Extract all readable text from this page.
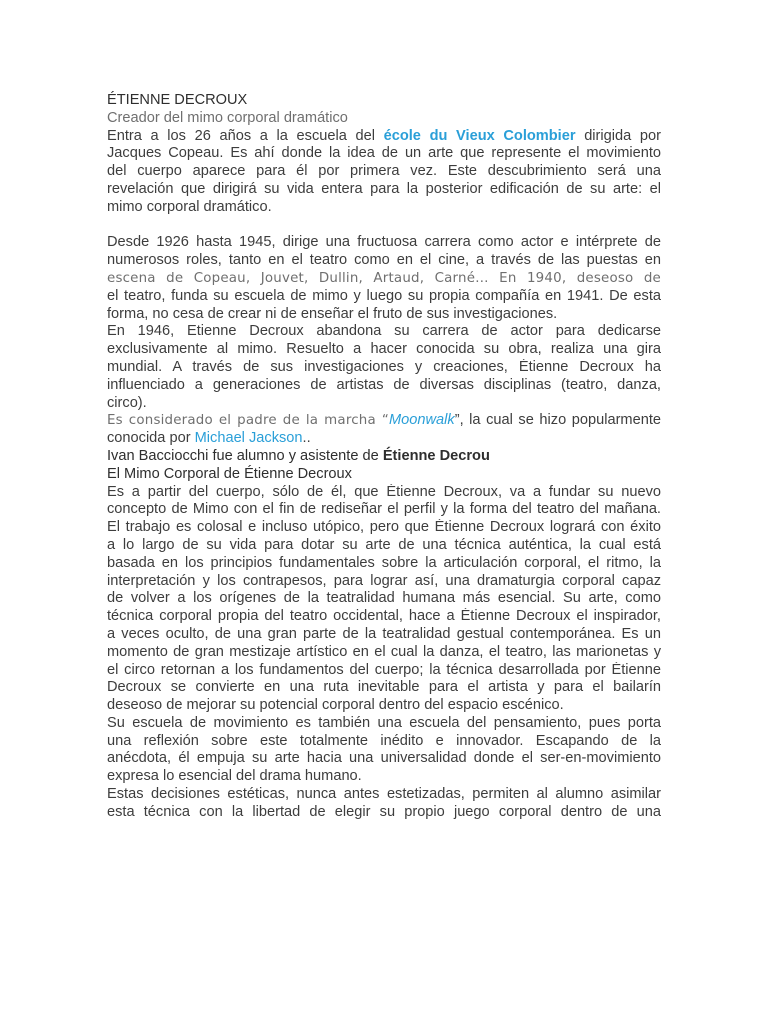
ÉTIENNE DECROUX
Creador del mimo corporal dramático
Entra a los 26 años a la escuela del école du Vieux Colombier dirigida por
Jacques Copeau. Es ahí donde la idea de un arte que represente el movimiento
del cuerpo aparece para él por primera vez. Este descubrimiento será una
revelación que dirigirá su vida entera para la posterior edificación de su arte: el
mimo corporal dramático.
Desde 1926 hasta 1945, dirige una fructuosa carrera como actor e intérprete de
numerosos roles, tanto en el teatro como en el cine, a través de las puestas en
escena de Copeau, Jouvet, Dullin, Artaud, Carné… En 1940, deseoso de
el teatro, funda su escuela de mimo y luego su propia compañía en 1941. De esta
forma, no cesa de crear ni de enseñar el fruto de sus investigaciones.
En 1946, Etienne Decroux abandona su carrera de actor para dedicarse
exclusivamente al mimo. Resuelto a hacer conocida su obra, realiza una gira
mundial. A través de sus investigaciones y creaciones, Étienne Decroux ha
influenciado a generaciones de artistas de diversas disciplinas (teatro, danza,
circo).
Es considerado el padre de la marcha “Moonwalk”, la cual se hizo popularmente
conocida por Michael Jackson..
Ivan Bacciocchi fue alumno y asistente de Étienne Decrou
El Mimo Corporal de Étienne Decroux
Es a partir del cuerpo, sólo de él, que Étienne Decroux, va a fundar su nuevo
concepto de Mimo con el fin de rediseñar el perfil y la forma del teatro del mañana.
El trabajo es colosal e incluso utópico, pero que Étienne Decroux logrará con éxito
a lo largo de su vida para dotar su arte de una técnica auténtica, la cual está
basada en los principios fundamentales sobre la articulación corporal, el ritmo, la
interpretación y los contrapesos, para lograr así, una dramaturgia corporal capaz
de volver a los orígenes de la teatralidad humana más esencial. Su arte, como
técnica corporal propia del teatro occidental, hace a Étienne Decroux el inspirador,
a veces oculto, de una gran parte de la teatralidad gestual contemporánea. Es un
momento de gran mestizaje artístico en el cual la danza, el teatro, las marionetas y
el circo retornan a los fundamentos del cuerpo; la técnica desarrollada por Étienne
Decroux se convierte en una ruta inevitable para el artista y para el bailarín
deseoso de mejorar su potencial corporal dentro del espacio escénico.
Su escuela de movimiento es también una escuela del pensamiento, pues porta
una reflexión sobre este totalmente inédito e innovador. Escapando de la
anécdota, él empuja su arte hacia una universalidad donde el ser-en-movimiento
expresa lo esencial del drama humano.
Estas decisiones estéticas, nunca antes estetizadas, permiten al alumno asimilar
esta técnica con la libertad de elegir su propio juego corporal dentro de una
